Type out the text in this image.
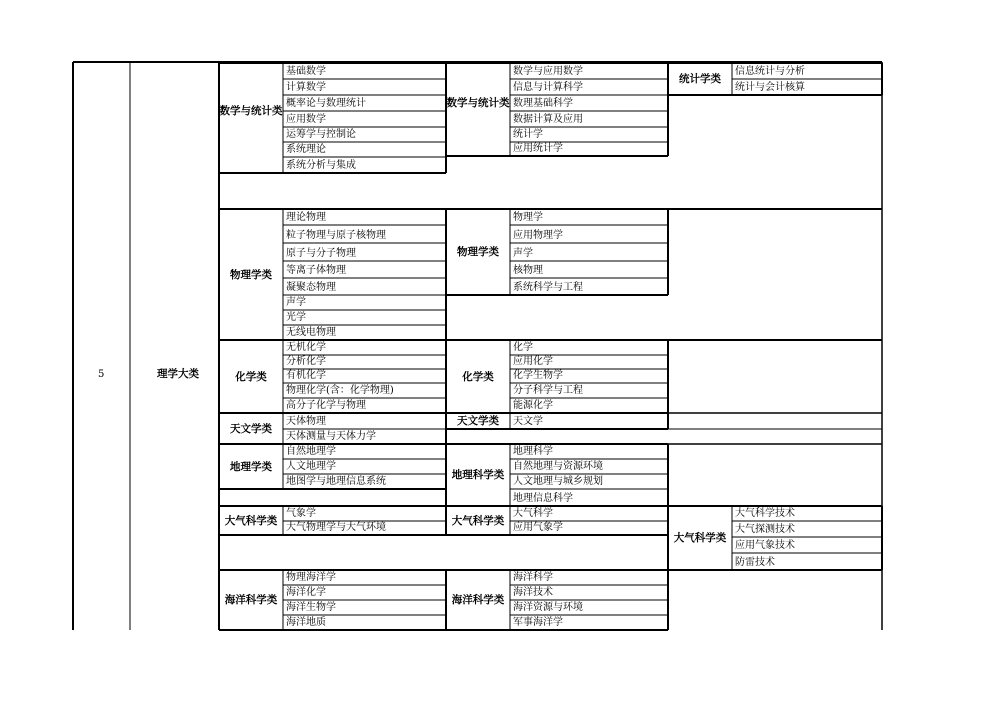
5	理学大类
基础数学
计算数学
概率论与数理统计
应用数学
运筹学与控制论
系统理论
系统分析与集成
数学与统计类
理论物理
粒子物理与原子核物理
原子与分子物理
等离子体物理
凝聚态物理
声学
光学
无线电物理
物理学类
无机化学
分析化学
有机化学
物理化学(含：化学物理)
高分子化学与物理
化学类
天体物理
天体测量与天体力学
天文学类
自然地理学
人文地理学
地图学与地理信息系统
地理学类
气象学
大气物理学与大气环境
大气科学类
物理海洋学
海洋化学
海洋生物学
海洋地质
海洋科学类
数学与应用数学
信息与计算科学
数理基础科学
数据计算及应用
统计学
应用统计学
数学与统计类
物理学
应用物理学
声学
核物理
系统科学与工程
物理学类
化学
应用化学
化学生物学
分子科学与工程
能源化学
化学类
天文学
天文学类
地理科学
自然地理与资源环境
人文地理与城乡规划
地理信息科学
地理科学类
大气科学
应用气象学
大气科学类
海洋科学
海洋技术
海洋资源与环境
军事海洋学
海洋科学类
信息统计与分析
统计与会计核算
统计学类
大气科学技术
大气探测技术
应用气象技术
防雷技术
大气科学类
